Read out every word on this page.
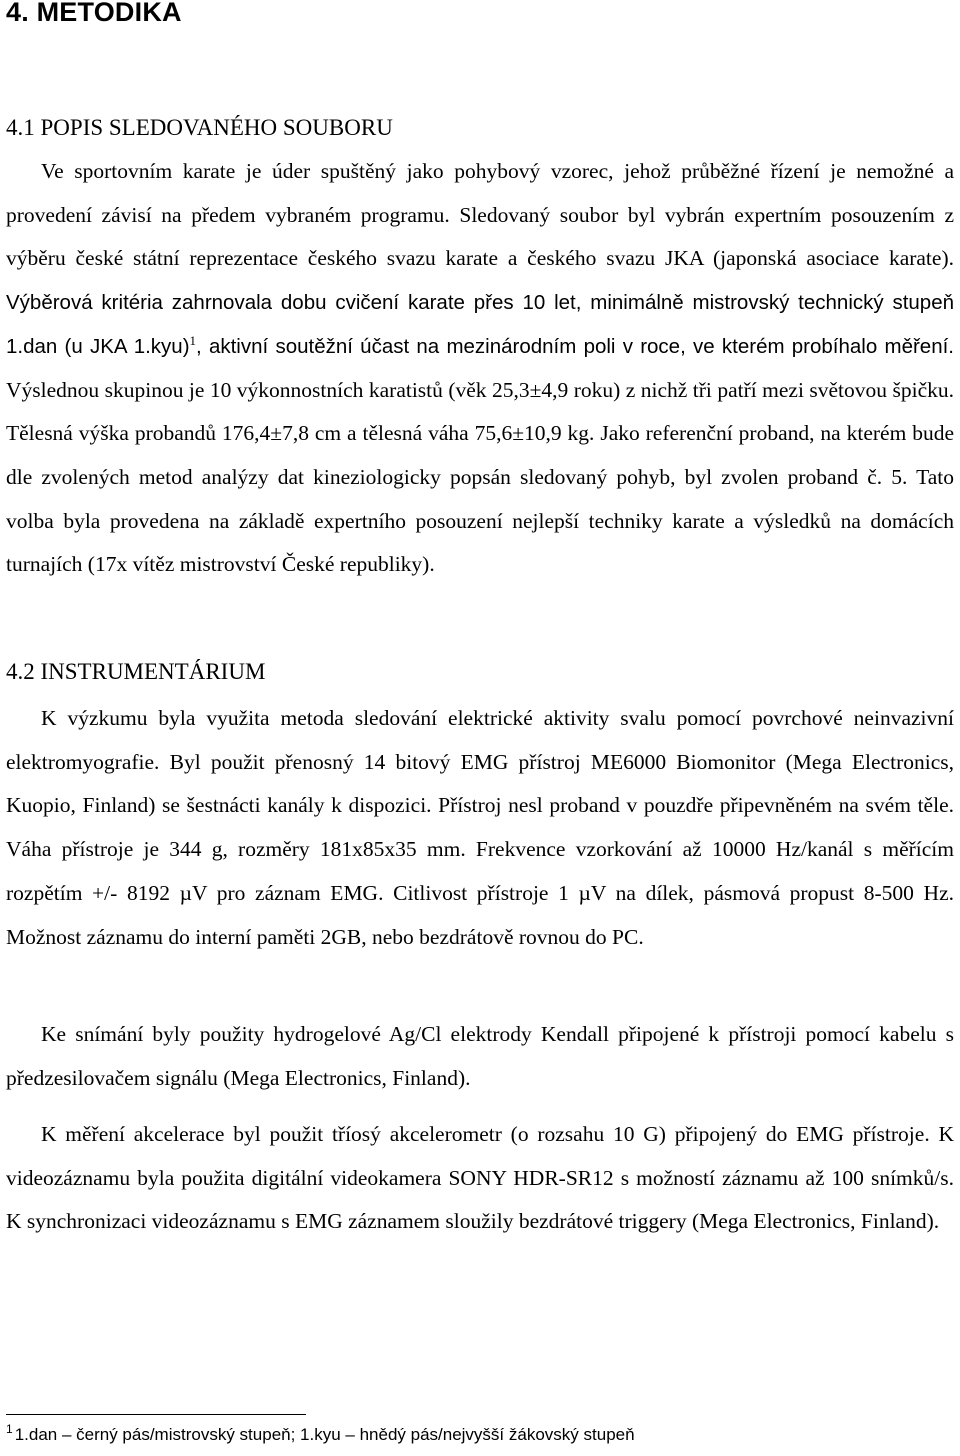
4. METODIKA
4.1 POPIS SLEDOVANÉHO SOUBORU

Ve sportovním karate je úder spuštěný jako pohybový vzorec, jehož průběžné řízení je nemožné a provedení závisí na předem vybraném programu. Sledovaný soubor byl vybrán expertním posouzením z výběru české státní reprezentace českého svazu karate a českého svazu JKA (japonská asociace karate). Výběrová kritéria zahrnovala dobu cvičení karate přes 10 let, minimálně mistrovský technický stupeň 1.dan (u JKA 1.kyu)$^1$, aktivní soutěžní účast na mezinárodním poli v roce, ve kterém probíhalo měření. Výslednou skupinou je 10 výkonnostních karatistů (věk 25,3±4,9 roku) z nichž tři patří mezi světovou špičku. Tělesná výška probandů 176,4±7,8 cm a tělesná váha 75,6±10,9 kg. Jako referenční proband, na kterém bude dle zvolených metod analýzy dat kineziologicky popsán sledovaný pohyb, byl zvolen proband č. 5. Tato volba byla provedena na základě expertního posouzení nejlepší techniky karate a výsledků na domácích turnajích (17x vítěz mistrovství České republiky).

4.2 INSTRUMENTÁRIUM

K výzkumu byla využita metoda sledování elektrické aktivity svalu pomocí povrchové neinvazivní elektromyografie. Byl použit přenosný 14 bitový EMG přístroj ME6000 Biomonitor (Mega Electronics, Kuopio, Finland) se šestnácti kanály k dispozici. Přístroj nesl proband v pouzdře připevněném na svém těle. Váha přístroje je 344 g, rozměry 181x85x35 mm. Frekvence vzorkování až 10000 Hz/kanál s měřícím rozpětím +/- 8192 µV pro záznam EMG. Citlivost přístroje 1 µV na dílek, pásmová propust 8-500 Hz. Možnost záznamu do interní paměti 2GB, nebo bezdrátově rovnou do PC.

Ke snímání byly použity hydrogelové Ag/Cl elektrody Kendall připojené k přístroji pomocí kabelu s předzesilovačem signálu (Mega Electronics, Finland).

K měření akcelerace byl použit tříosý akcelerometr (o rozsahu 10 G) připojený do EMG přístroje. K videozáznamu byla použita digitální videokamera SONY HDR-SR12 s možností záznamu až 100 snímků/s. K synchronizaci videozáznamu s EMG záznamem sloužily bezdrátové triggery (Mega Electronics, Finland).

$^1$ 1.dan – černý pás/mistrovský stupeň; 1.kyu – hnědý pás/nejvyšší žákovský stupeň
